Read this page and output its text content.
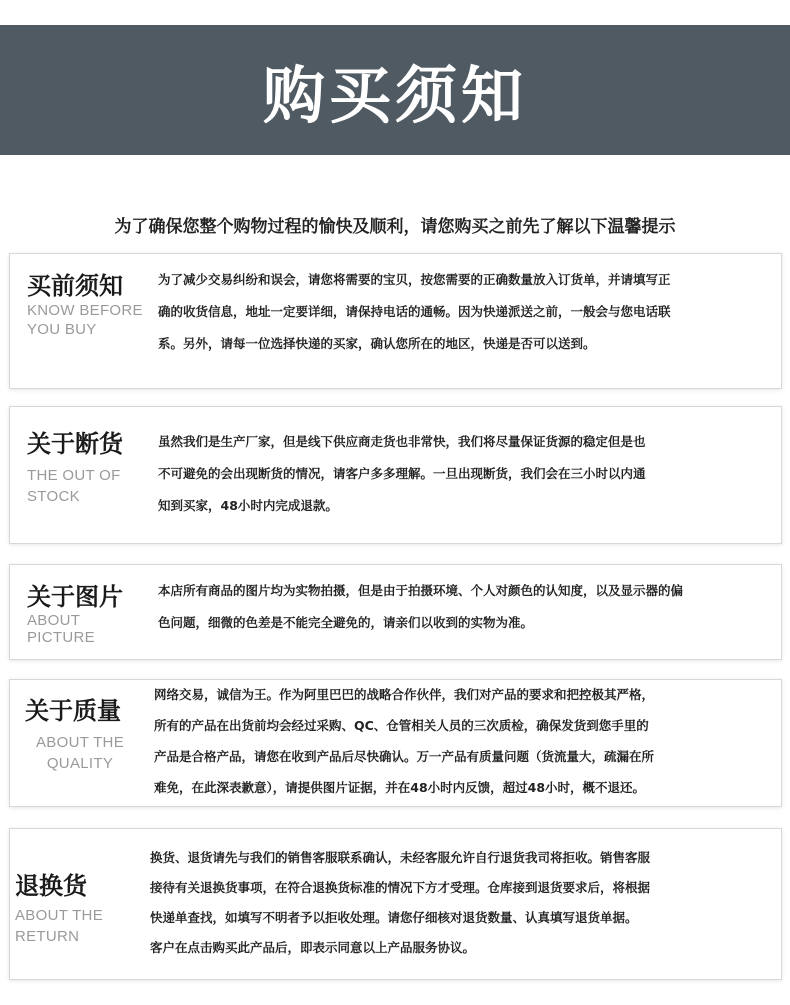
购买须知
为了确保您整个购物过程的愉快及顺利，请您购买之前先了解以下温馨提示
买前须知
KNOW BEFORE
YOU BUY
为了减少交易纠纷和误会，请您将需要的宝贝，按您需要的正确数量放入订货单，并请填写正
确的收货信息，地址一定要详细，请保持电话的通畅。因为快递派送之前，一般会与您电话联
系。另外，请每一位选择快递的买家，确认您所在的地区，快递是否可以送到。
关于断货
THE OUT OF
STOCK
虽然我们是生产厂家，但是线下供应商走货也非常快，我们将尽量保证货源的稳定但是也
不可避免的会出现断货的情况，请客户多多理解。一旦出现断货，我们会在三小时以内通
知到买家，48小时内完成退款。
关于图片
ABOUT
PICTURE
本店所有商品的图片均为实物拍摄，但是由于拍摄环境、个人对颜色的认知度，以及显示器的偏
色问题，细微的色差是不能完全避免的，请亲们以收到的实物为准。
关于质量
ABOUT THE
QUALITY
网络交易，诚信为王。作为阿里巴巴的战略合作伙伴，我们对产品的要求和把控极其严格，
所有的产品在出货前均会经过采购、QC、仓管相关人员的三次质检，确保发货到您手里的
产品是合格产品，请您在收到产品后尽快确认。万一产品有质量问题（货流量大，疏漏在所
难免，在此深表歉意），请提供图片证据，并在48小时内反馈，超过48小时，概不退还。
退换货
ABOUT THE
RETURN
换货、退货请先与我们的销售客服联系确认，未经客服允许自行退货我司将拒收。销售客服
接待有关退换货事项，在符合退换货标准的情况下方才受理。仓库接到退货要求后，将根据
快递单查找，如填写不明者予以拒收处理。请您仔细核对退货数量、认真填写退货单据。
客户在点击购买此产品后，即表示同意以上产品服务协议。
